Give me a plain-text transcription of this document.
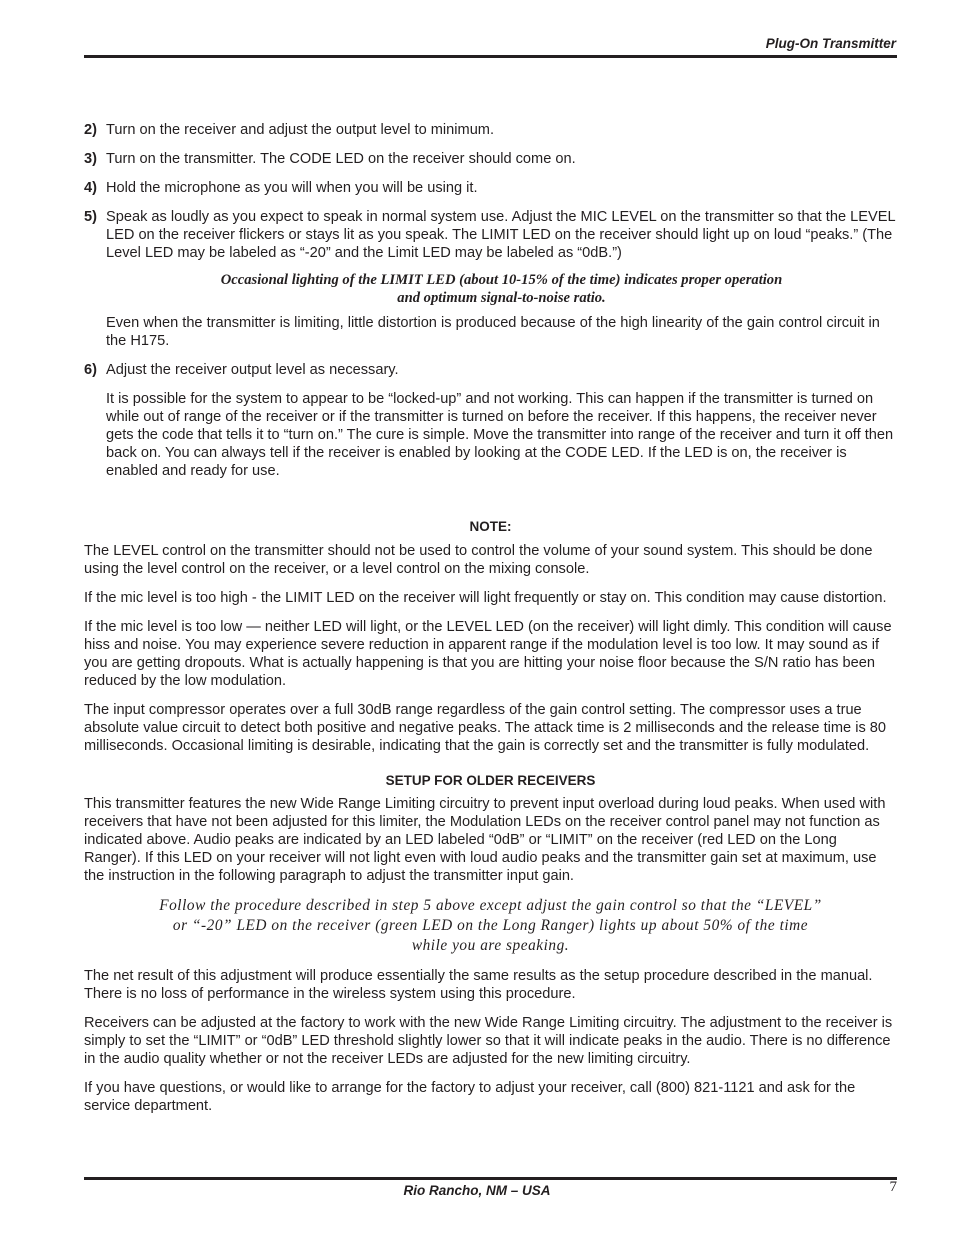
Plug-On Transmitter
2) Turn on the receiver and adjust the output level to minimum.
3) Turn on the transmitter. The CODE LED on the receiver should come on.
4) Hold the microphone as you will when you will be using it.
5) Speak as loudly as you expect to speak in normal system use. Adjust the MIC LEVEL on the transmitter so that the LEVEL LED on the receiver flickers or stays lit as you speak. The LIMIT LED on the receiver should light up on loud “peaks.” (The Level LED may be labeled as “-20” and the Limit LED may be labeled as “0dB.”)
Occasional lighting of the LIMIT LED (about 10-15% of the time) indicates proper operation
and optimum signal-to-noise ratio.

Even when the transmitter is limiting, little distortion is produced because of the high linearity of the gain control circuit in the H175.

6) Adjust the receiver output level as necessary.

It is possible for the system to appear to be “locked-up” and not working. This can happen if the transmitter is turned on while out of range of the receiver or if the transmitter is turned on before the receiver. If this happens, the receiver never gets the code that tells it to “turn on.” The cure is simple. Move the transmitter into range of the receiver and turn it off then back on. You can always tell if the receiver is enabled by looking at the CODE LED. If the LED is on, the receiver is enabled and ready for use.

NOTE:

The LEVEL control on the transmitter should not be used to control the volume of your sound system. This should be done using the level control on the receiver, or a level control on the mixing console.

If the mic level is too high - the LIMIT LED on the receiver will light frequently or stay on. This condition may cause distortion.

If the mic level is too low — neither LED will light, or the LEVEL LED (on the receiver) will light dimly. This condition will cause hiss and noise. You may experience severe reduction in apparent range if the modulation level is too low. It may sound as if you are getting dropouts. What is actually happening is that you are hitting your noise floor because the S/N ratio has been reduced by the low modulation.

The input compressor operates over a full 30dB range regardless of the gain control setting. The compressor uses a true absolute value circuit to detect both positive and negative peaks. The attack time is 2 milliseconds and the release time is 80 milliseconds. Occasional limiting is desirable, indicating that the gain is correctly set and the transmitter is fully modulated.

SETUP FOR OLDER RECEIVERS

This transmitter features the new Wide Range Limiting circuitry to prevent input overload during loud peaks. When used with receivers that have not been adjusted for this limiter, the Modulation LEDs on the receiver control panel may not function as indicated above. Audio peaks are indicated by an LED labeled “0dB” or “LIMIT” on the receiver (red LED on the Long Ranger). If this LED on your receiver will not light even with loud audio peaks and the transmitter gain set at maximum, use the instruction in the following paragraph to adjust the transmitter input gain.

Follow the procedure described in step 5 above except adjust the gain control so that the “LEVEL” or “-20” LED on the receiver (green LED on the Long Ranger) lights up about 50% of the time while you are speaking.

The net result of this adjustment will produce essentially the same results as the setup procedure described in the manual. There is no loss of performance in the wireless system using this procedure.

Receivers can be adjusted at the factory to work with the new Wide Range Limiting circuitry. The adjustment to the receiver is simply to set the “LIMIT” or “0dB” LED threshold slightly lower so that it will indicate peaks in the audio. There is no difference in the audio quality whether or not the receiver LEDs are adjusted for the new limiting circuitry.

If you have questions, or would like to arrange for the factory to adjust your receiver, call (800) 821-1121 and ask for the service department.

Rio Rancho, NM – USA	7
